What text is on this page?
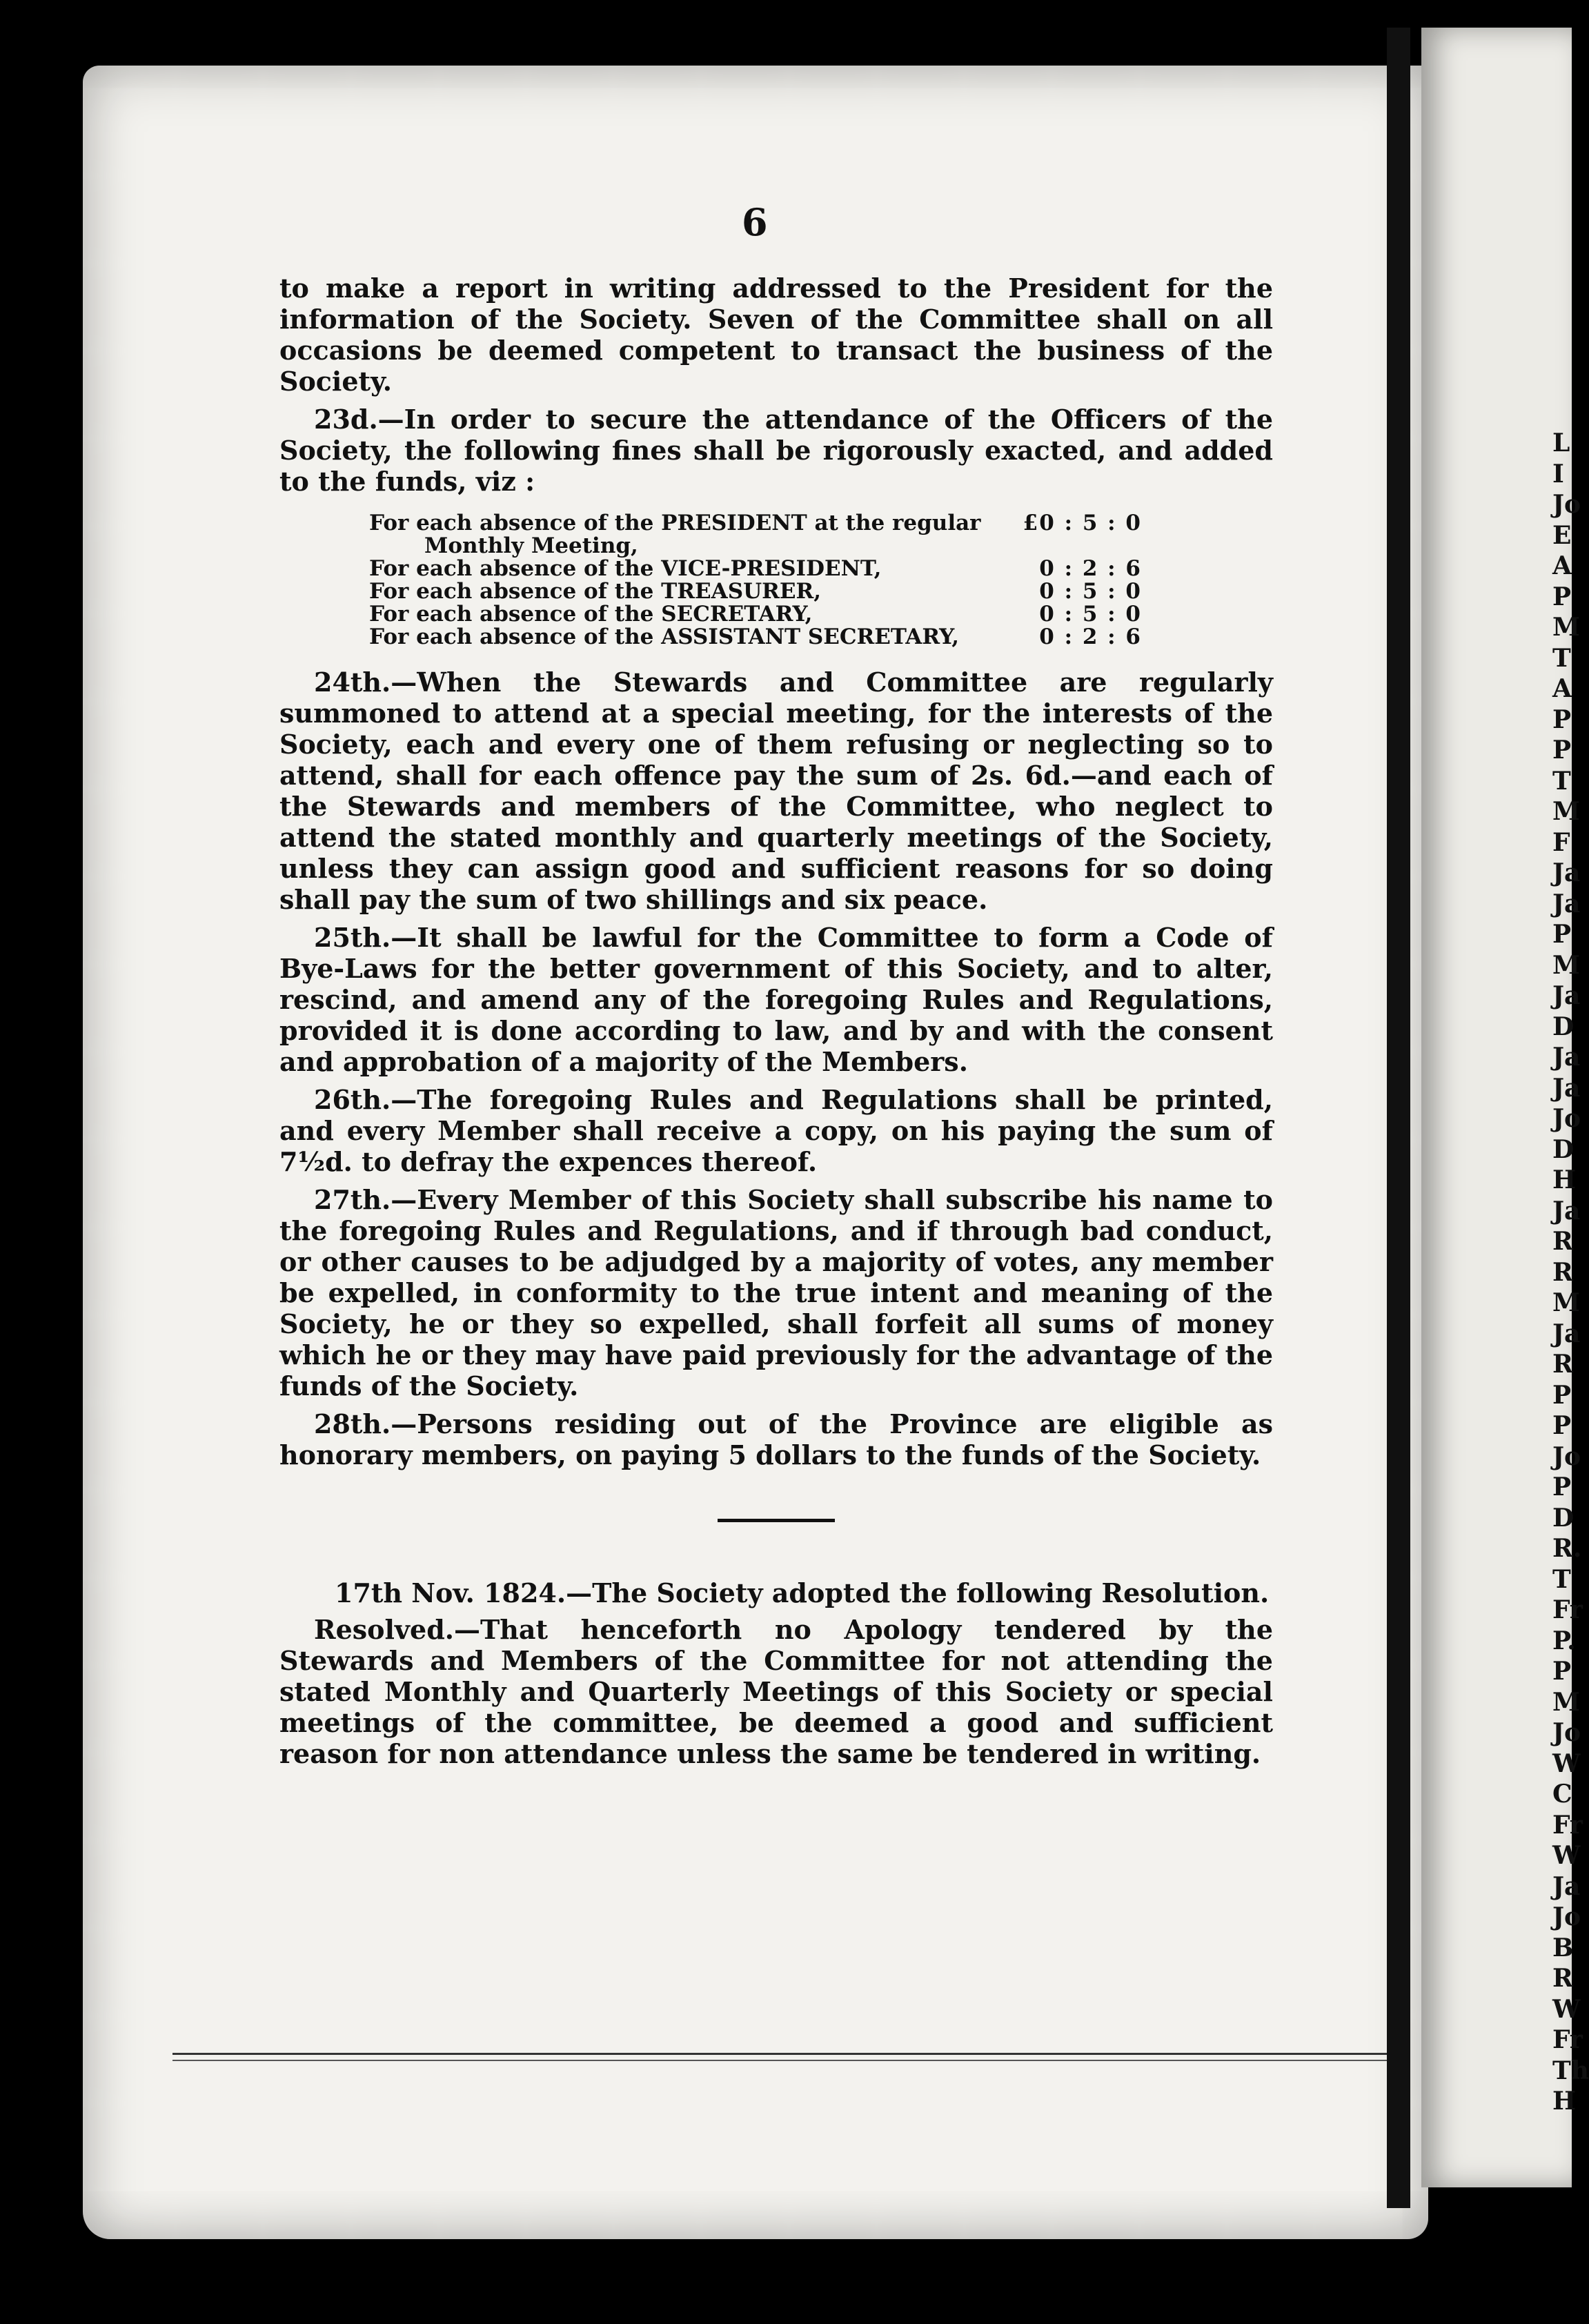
L
I
Jo
E
A
P
M
T
A
P
P
T
M
F
Ja
Ja
P
M
Ja
D
Ja
Ja
Jo
D
H
Ja
R
R
M
Ja
R
P
P
Jo
P
D
R.
T
Fr
P.
P
M
Jo
W
C
Fr
W
Ja
Jo
B
R
W
Fr
Th
H
6

to make a report in writing addressed to the President for the information of the Society. Seven of the Committee shall on all occasions be deemed competent to transact the business of the Society.

23d.—In order to secure the attendance of the Officers of the Society, the following fines shall be rigorously exacted, and added to the funds, viz :

For each absence of the PRESIDENT at the regular	£0 : 5 : 0
Monthly Meeting,
For each absence of the VICE-PRESIDENT,	0 : 2 : 6
For each absence of the TREASURER,	0 : 5 : 0
For each absence of the SECRETARY,	0 : 5 : 0
For each absence of the ASSISTANT SECRETARY,	0 : 2 : 6

24th.—When the Stewards and Committee are regularly summoned to attend at a special meeting, for the interests of the Society, each and every one of them refusing or neglecting so to attend, shall for each offence pay the sum of 2s. 6d.—and each of the Stewards and members of the Committee, who neglect to attend the stated monthly and quarterly meetings of the Society, unless they can assign good and sufficient reasons for so doing shall pay the sum of two shillings and six peace.

25th.—It shall be lawful for the Committee to form a Code of Bye-Laws for the better government of this Society, and to alter, rescind, and amend any of the foregoing Rules and Regulations, provided it is done according to law, and by and with the consent and approbation of a majority of the Members.

26th.—The foregoing Rules and Regulations shall be printed, and every Member shall receive a copy, on his paying the sum of 7½d. to defray the expences thereof.

27th.—Every Member of this Society shall subscribe his name to the foregoing Rules and Regulations, and if through bad conduct, or other causes to be adjudged by a majority of votes, any member be expelled, in conformity to the true intent and meaning of the Society, he or they so expelled, shall forfeit all sums of money which he or they may have paid previously for the advantage of the funds of the Society.

28th.—Persons residing out of the Province are eligible as honorary members, on paying 5 dollars to the funds of the Society.

17th Nov. 1824.—The Society adopted the following Resolution.

Resolved.—That henceforth no Apology tendered by the Stewards and Members of the Committee for not attending the stated Monthly and Quarterly Meetings of this Society or special meetings of the committee, be deemed a good and sufficient reason for non attendance unless the same be tendered in writing.
